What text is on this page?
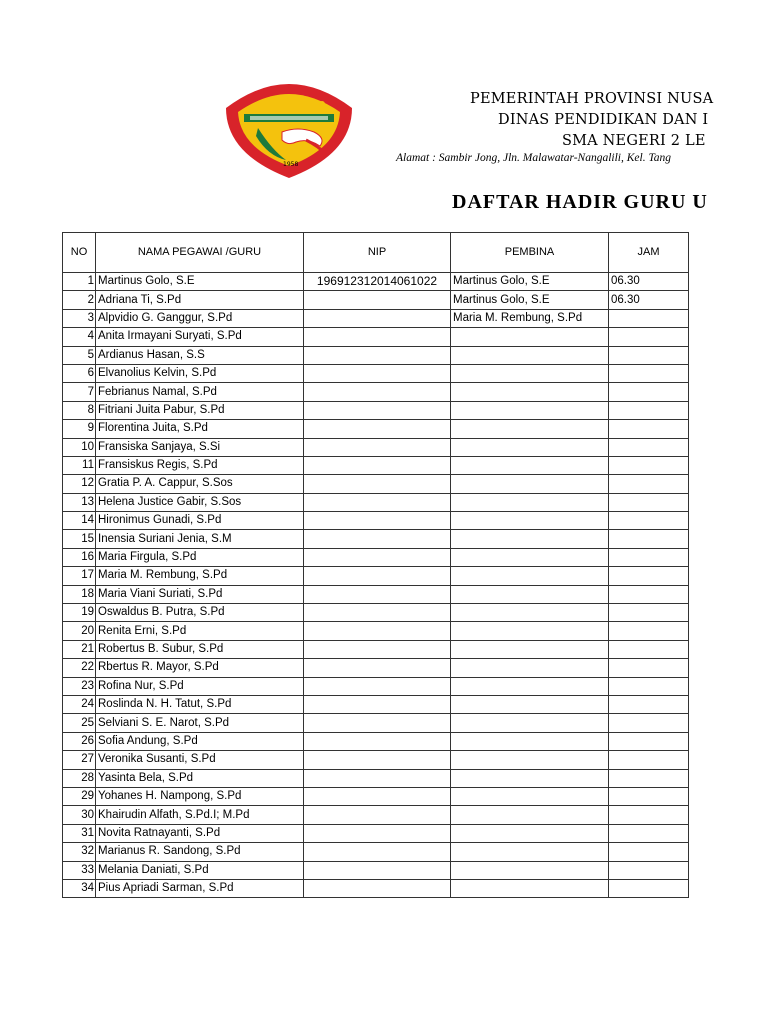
1958
PEMERINTAH PROVINSI NUSA
DINAS PENDIDIKAN DAN I
SMA NEGERI 2 LE
Alamat : Sambir Jong, Jln. Malawatar-Nangalili, Kel. Tang
DAFTAR HADIR GURU U
NO	NAMA PEGAWAI /GURU	NIP	PEMBINA	JAM
1	Martinus Golo, S.E	196912312014061022	Martinus Golo, S.E	06.30
2	Adriana Ti, S.Pd		Martinus Golo, S.E	06.30
3	Alpvidio G. Ganggur, S.Pd		Maria M. Rembung, S.Pd	
4	Anita Irmayani Suryati, S.Pd			
5	Ardianus Hasan, S.S			
6	Elvanolius Kelvin, S.Pd			
7	Febrianus Namal, S.Pd			
8	Fitriani Juita Pabur, S.Pd			
9	Florentina Juita, S.Pd			
10	Fransiska Sanjaya, S.Si			
11	Fransiskus Regis, S.Pd			
12	Gratia P. A. Cappur, S.Sos			
13	Helena Justice Gabir, S.Sos			
14	Hironimus Gunadi, S.Pd			
15	Inensia Suriani Jenia, S.M			
16	Maria Firgula, S.Pd			
17	Maria M. Rembung, S.Pd			
18	Maria Viani Suriati, S.Pd			
19	Oswaldus B. Putra, S.Pd			
20	Renita Erni, S.Pd			
21	Robertus B. Subur, S.Pd			
22	Rbertus R. Mayor, S.Pd			
23	Rofina Nur, S.Pd			
24	Roslinda N. H. Tatut, S.Pd			
25	Selviani S. E. Narot, S.Pd			
26	Sofia Andung, S.Pd			
27	Veronika Susanti, S.Pd			
28	Yasinta Bela, S.Pd			
29	Yohanes H. Nampong, S.Pd			
30	Khairudin Alfath, S.Pd.I; M.Pd			
31	Novita Ratnayanti, S.Pd			
32	Marianus R. Sandong, S.Pd			
33	Melania Daniati, S.Pd			
34	Pius Apriadi Sarman, S.Pd			
